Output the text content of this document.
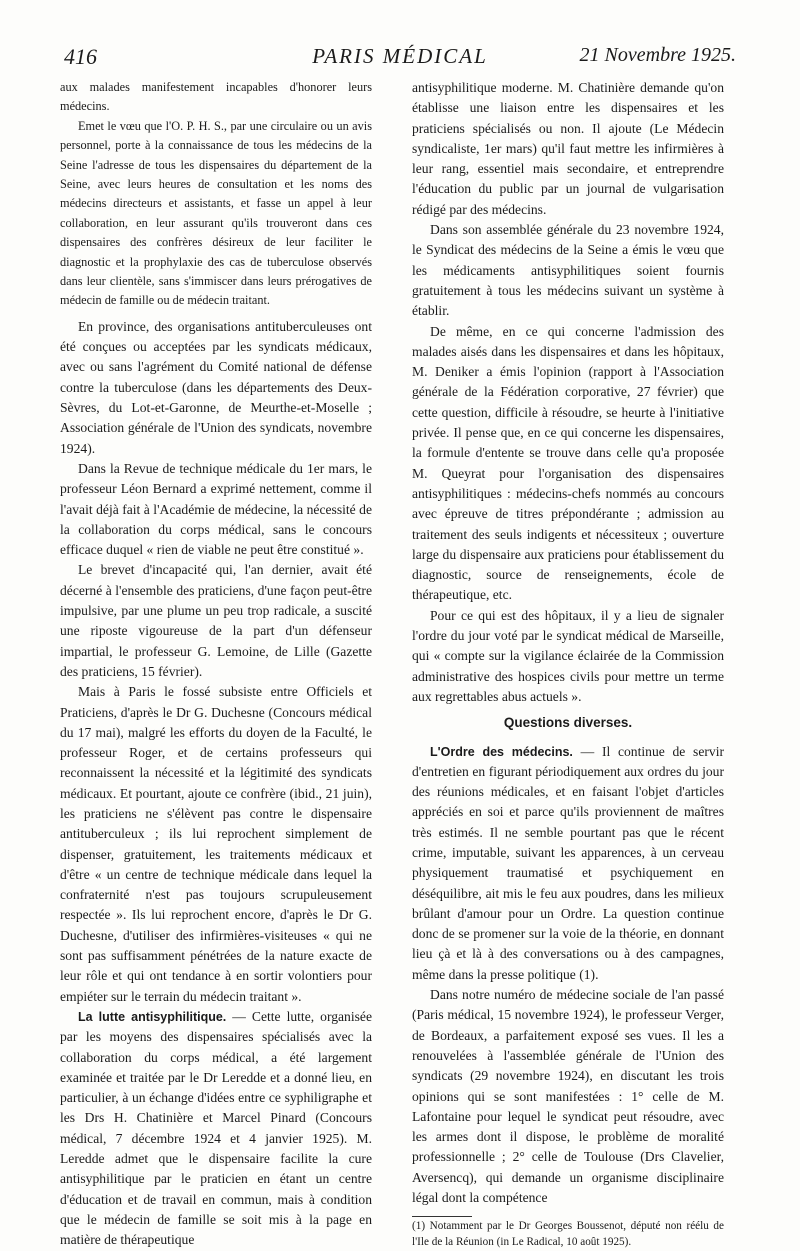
416	PARIS MÉDICAL	21 Novembre 1925.

aux malades manifestement incapables d'honorer leurs médecins.

Emet le vœu que l'O. P. H. S., par une circulaire ou un avis personnel, porte à la connaissance de tous les médecins de la Seine l'adresse de tous les dispensaires du département de la Seine, avec leurs heures de consultation et les noms des médecins directeurs et assistants, et fasse un appel à leur collaboration, en leur assurant qu'ils trouveront dans ces dispensaires des confrères désireux de leur faciliter le diagnostic et la prophylaxie des cas de tuberculose observés dans leur clientèle, sans s'immiscer dans leurs prérogatives de médecin de famille ou de médecin traitant.

En province, des organisations antituberculeuses ont été conçues ou acceptées par les syndicats médicaux, avec ou sans l'agrément du Comité national de défense contre la tuberculose (dans les départements des Deux-Sèvres, du Lot-et-Garonne, de Meurthe-et-Moselle ; Association générale de l'Union des syndicats, novembre 1924).

Dans la Revue de technique médicale du 1er mars, le professeur Léon Bernard a exprimé nettement, comme il l'avait déjà fait à l'Académie de médecine, la nécessité de la collaboration du corps médical, sans le concours efficace duquel « rien de viable ne peut être constitué ».

Le brevet d'incapacité qui, l'an dernier, avait été décerné à l'ensemble des praticiens, d'une façon peut-être impulsive, par une plume un peu trop radicale, a suscité une riposte vigoureuse de la part d'un défenseur impartial, le professeur G. Lemoine, de Lille (Gazette des praticiens, 15 février).

Mais à Paris le fossé subsiste entre Officiels et Praticiens, d'après le Dr G. Duchesne (Concours médical du 17 mai), malgré les efforts du doyen de la Faculté, le professeur Roger, et de certains professeurs qui reconnaissent la nécessité et la légitimité des syndicats médicaux. Et pourtant, ajoute ce confrère (ibid., 21 juin), les praticiens ne s'élèvent pas contre le dispensaire antituberculeux ; ils lui reprochent simplement de dispenser, gratuitement, les traitements médicaux et d'être « un centre de technique médicale dans lequel la confraternité n'est pas toujours scrupuleusement respectée ». Ils lui reprochent encore, d'après le Dr G. Duchesne, d'utiliser des infirmières-visiteuses « qui ne sont pas suffisamment pénétrées de la nature exacte de leur rôle et qui ont tendance à en sortir volontiers pour empiéter sur le terrain du médecin traitant ».

La lutte antisyphilitique. — Cette lutte, organisée par les moyens des dispensaires spécialisés avec la collaboration du corps médical, a été largement examinée et traitée par le Dr Leredde et a donné lieu, en particulier, à un échange d'idées entre ce syphiligraphe et les Drs H. Chatinière et Marcel Pinard (Concours médical, 7 décembre 1924 et 4 janvier 1925). M. Leredde admet que le dispensaire facilite la cure antisyphilitique par le praticien en étant un centre d'éducation et de travail en commun, mais à condition que le médecin de famille se soit mis à la page en matière de thérapeutique

antisyphilitique moderne. M. Chatinière demande qu'on établisse une liaison entre les dispensaires et les praticiens spécialisés ou non. Il ajoute (Le Médecin syndicaliste, 1er mars) qu'il faut mettre les infirmières à leur rang, essentiel mais secondaire, et entreprendre l'éducation du public par un journal de vulgarisation rédigé par des médecins.

Dans son assemblée générale du 23 novembre 1924, le Syndicat des médecins de la Seine a émis le vœu que les médicaments antisyphilitiques soient fournis gratuitement à tous les médecins suivant un système à établir.

De même, en ce qui concerne l'admission des malades aisés dans les dispensaires et dans les hôpitaux, M. Deniker a émis l'opinion (rapport à l'Association générale de la Fédération corporative, 27 février) que cette question, difficile à résoudre, se heurte à l'initiative privée. Il pense que, en ce qui concerne les dispensaires, la formule d'entente se trouve dans celle qu'a proposée M. Queyrat pour l'organisation des dispensaires antisyphilitiques : médecins-chefs nommés au concours avec épreuve de titres prépondérante ; admission au traitement des seuls indigents et nécessiteux ; ouverture large du dispensaire aux praticiens pour établissement du diagnostic, source de renseignements, école de thérapeutique, etc.

Pour ce qui est des hôpitaux, il y a lieu de signaler l'ordre du jour voté par le syndicat médical de Marseille, qui « compte sur la vigilance éclairée de la Commission administrative des hospices civils pour mettre un terme aux regrettables abus actuels ».

Questions diverses.

L'Ordre des médecins. — Il continue de servir d'entretien en figurant périodiquement aux ordres du jour des réunions médicales, et en faisant l'objet d'articles appréciés en soi et parce qu'ils proviennent de maîtres très estimés. Il ne semble pourtant pas que le récent crime, imputable, suivant les apparences, à un cerveau physiquement traumatisé et psychiquement en déséquilibre, ait mis le feu aux poudres, dans les milieux brûlant d'amour pour un Ordre. La question continue donc de se promener sur la voie de la théorie, en donnant lieu çà et là à des conversations ou à des campagnes, même dans la presse politique (1).

Dans notre numéro de médecine sociale de l'an passé (Paris médical, 15 novembre 1924), le professeur Verger, de Bordeaux, a parfaitement exposé ses vues. Il les a renouvelées à l'assemblée générale de l'Union des syndicats (29 novembre 1924), en discutant les trois opinions qui se sont manifestées : 1° celle de M. Lafontaine pour lequel le syndicat peut résoudre, avec les armes dont il dispose, le problème de moralité professionnelle ; 2° celle de Toulouse (Drs Clavelier, Aversencq), qui demande un organisme disciplinaire légal dont la compétence

(1) Notamment par le Dr Georges Boussenot, député non réélu de l'Ile de la Réunion (in Le Radical, 10 août 1925).
